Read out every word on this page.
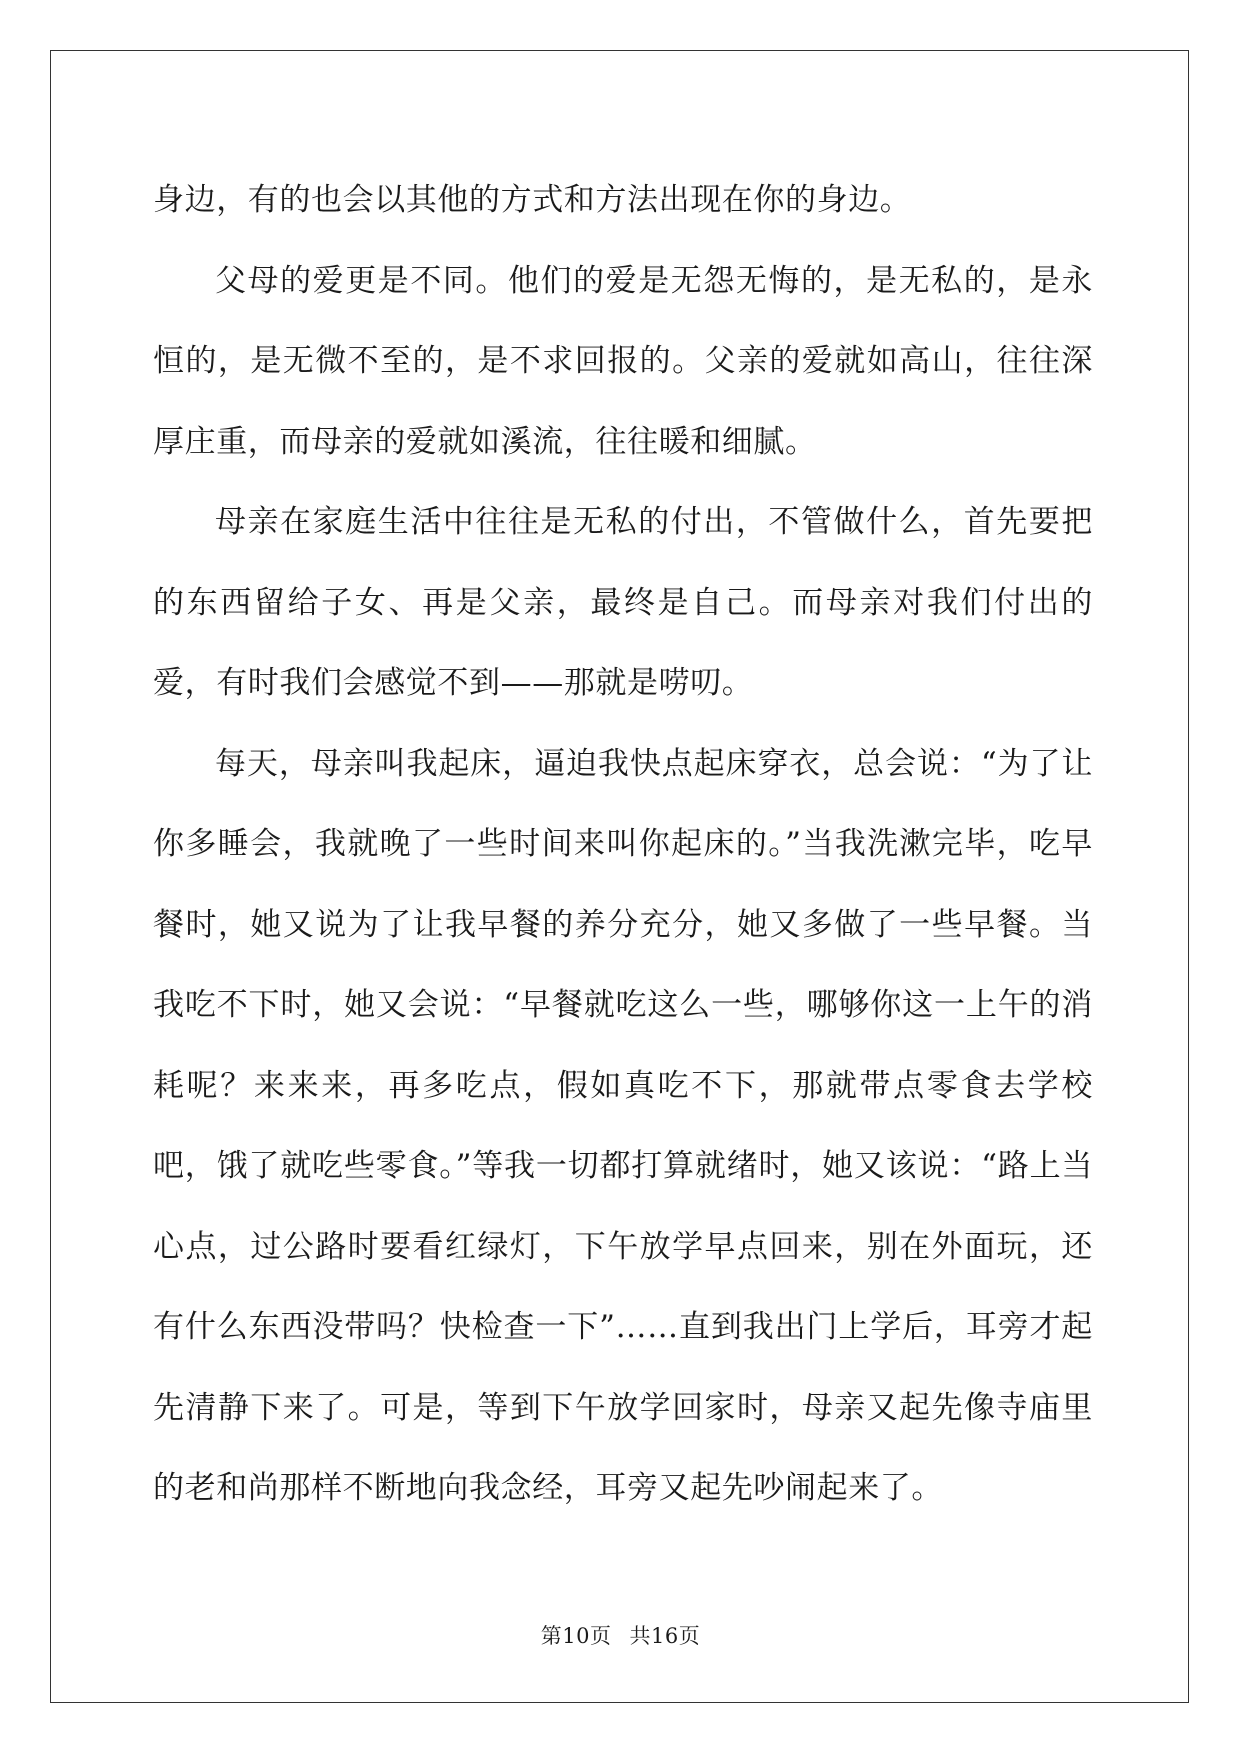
身边，有的也会以其他的方式和方法出现在你的身边。

父母的爱更是不同。他们的爱是无怨无悔的，是无私的，是永恒的，是无微不至的，是不求回报的。父亲的爱就如高山，往往深厚庄重，而母亲的爱就如溪流，往往暖和细腻。

母亲在家庭生活中往往是无私的付出，不管做什么，首先要把的东西留给子女、再是父亲，最终是自己。而母亲对我们付出的爱，有时我们会感觉不到——那就是唠叨。

每天，母亲叫我起床，逼迫我快点起床穿衣，总会说：“为了让你多睡会，我就晚了一些时间来叫你起床的。”当我洗漱完毕，吃早餐时，她又说为了让我早餐的养分充分，她又多做了一些早餐。当我吃不下时，她又会说：“早餐就吃这么一些，哪够你这一上午的消耗呢？来来来，再多吃点，假如真吃不下，那就带点零食去学校吧，饿了就吃些零食。”等我一切都打算就绪时，她又该说：“路上当心点，过公路时要看红绿灯，下午放学早点回来，别在外面玩，还有什么东西没带吗？快检查一下”……直到我出门上学后，耳旁才起先清静下来了。可是，等到下午放学回家时，母亲又起先像寺庙里的老和尚那样不断地向我念经，耳旁又起先吵闹起来了。

第10页 共16页
